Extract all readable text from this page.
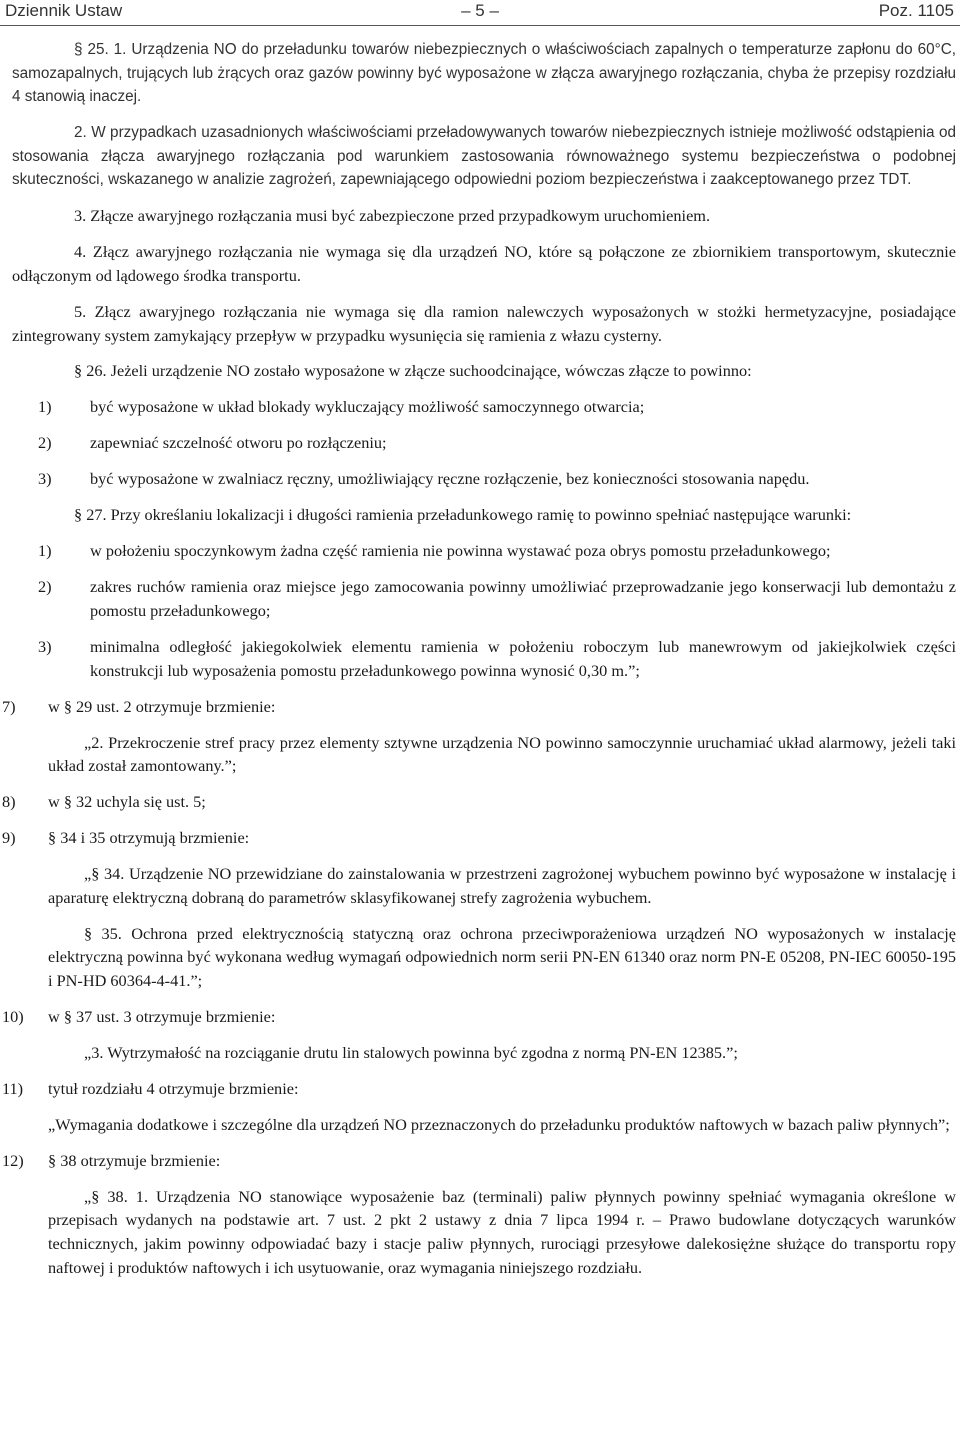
Dziennik Ustaw	– 5 –	Poz. 1105

§ 25. 1. Urządzenia NO do przeładunku towarów niebezpiecznych o właściwościach zapalnych o temperaturze zapłonu do 60°C, samozapalnych, trujących lub żrących oraz gazów powinny być wyposażone w złącza awaryjnego rozłączania, chyba że przepisy rozdziału 4 stanowią inaczej.

2. W przypadkach uzasadnionych właściwościami przeładowywanych towarów niebezpiecznych istnieje możliwość odstąpienia od stosowania złącza awaryjnego rozłączania pod warunkiem zastosowania równoważnego systemu bezpieczeństwa o podobnej skuteczności, wskazanego w analizie zagrożeń, zapewniającego odpowiedni poziom bezpieczeństwa i zaakceptowanego przez TDT.

3. Złącze awaryjnego rozłączania musi być zabezpieczone przed przypadkowym uruchomieniem.

4. Złącz awaryjnego rozłączania nie wymaga się dla urządzeń NO, które są połączone ze zbiornikiem transportowym, skutecznie odłączonym od lądowego środka transportu.

5. Złącz awaryjnego rozłączania nie wymaga się dla ramion nalewczych wyposażonych w stożki hermetyzacyjne, posiadające zintegrowany system zamykający przepływ w przypadku wysunięcia się ramienia z włazu cysterny.

§ 26. Jeżeli urządzenie NO zostało wyposażone w złącze suchoodcinające, wówczas złącze to powinno:

1) być wyposażone w układ blokady wykluczający możliwość samoczynnego otwarcia;
2) zapewniać szczelność otworu po rozłączeniu;
3) być wyposażone w zwalniacz ręczny, umożliwiający ręczne rozłączenie, bez konieczności stosowania napędu.

§ 27. Przy określaniu lokalizacji i długości ramienia przeładunkowego ramię to powinno spełniać następujące warunki:

1) w położeniu spoczynkowym żadna część ramienia nie powinna wystawać poza obrys pomostu przeładunkowego;
2) zakres ruchów ramienia oraz miejsce jego zamocowania powinny umożliwiać przeprowadzanie jego konserwacji lub demontażu z pomostu przeładunkowego;
3) minimalna odległość jakiegokolwiek elementu ramienia w położeniu roboczym lub manewrowym od jakiejkolwiek części konstrukcji lub wyposażenia pomostu przeładunkowego powinna wynosić 0,30 m.”;
7) w § 29 ust. 2 otrzymuje brzmienie:

„2. Przekroczenie stref pracy przez elementy sztywne urządzenia NO powinno samoczynnie uruchamiać układ alarmowy, jeżeli taki układ został zamontowany.”;

8) w § 32 uchyla się ust. 5;
9) § 34 i 35 otrzymują brzmienie:

„§ 34. Urządzenie NO przewidziane do zainstalowania w przestrzeni zagrożonej wybuchem powinno być wyposażone w instalację i aparaturę elektryczną dobraną do parametrów sklasyfikowanej strefy zagrożenia wybuchem.

§ 35. Ochrona przed elektrycznością statyczną oraz ochrona przeciwporażeniowa urządzeń NO wyposażonych w instalację elektryczną powinna być wykonana według wymagań odpowiednich norm serii PN-EN 61340 oraz norm PN-E 05208, PN-IEC 60050-195 i PN-HD 60364-4-41.”;

10) w § 37 ust. 3 otrzymuje brzmienie:

„3. Wytrzymałość na rozciąganie drutu lin stalowych powinna być zgodna z normą PN-EN 12385.”;

11) tytuł rozdziału 4 otrzymuje brzmienie:

„Wymagania dodatkowe i szczególne dla urządzeń NO przeznaczonych do przeładunku produktów naftowych w bazach paliw płynnych”;

12) § 38 otrzymuje brzmienie:

„§ 38. 1. Urządzenia NO stanowiące wyposażenie baz (terminali) paliw płynnych powinny spełniać wymagania określone w przepisach wydanych na podstawie art. 7 ust. 2 pkt 2 ustawy z dnia 7 lipca 1994 r. – Prawo budowlane dotyczących warunków technicznych, jakim powinny odpowiadać bazy i stacje paliw płynnych, rurociągi przesyłowe dalekosiężne służące do transportu ropy naftowej i produktów naftowych i ich usytuowanie, oraz wymagania niniejszego rozdziału.
